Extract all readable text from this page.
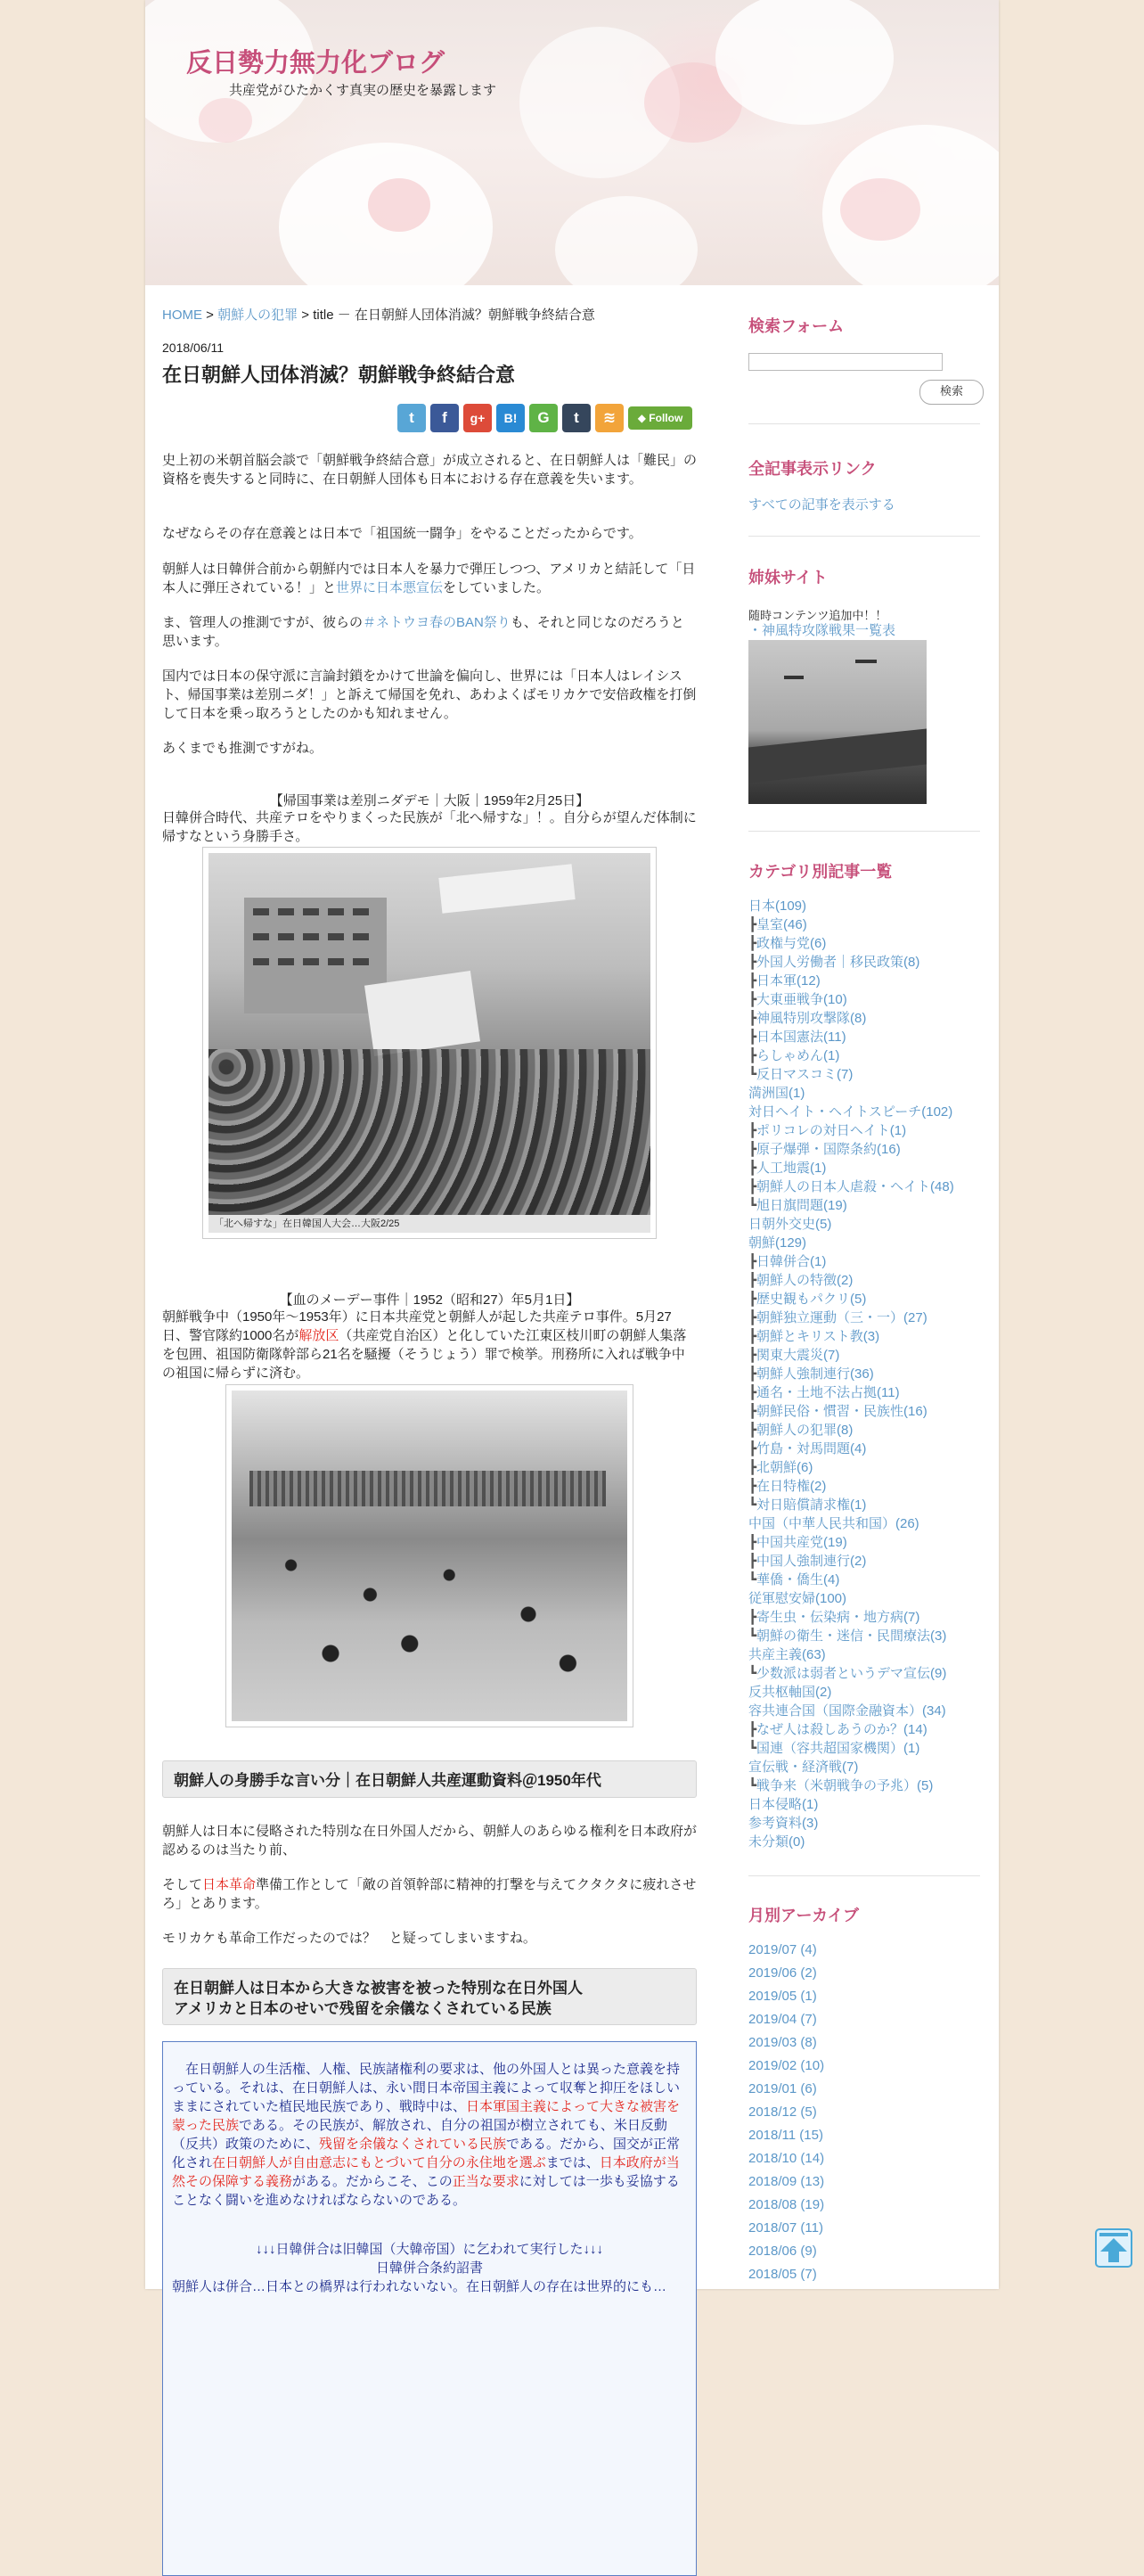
反日勢力無力化ブログ
共産党がひたかくす真実の歴史を暴露します
HOME > 朝鮮人の犯罪 > title － 在日朝鮮人団体消滅？朝鮮戦争終結合意
2018/06/11
在日朝鮮人団体消滅？朝鮮戦争終結合意
t	f	g+	B!	G	t	≋	◆ Follow

史上初の米朝首脳会談で「朝鮮戦争終結合意」が成立されると、在日朝鮮人は「難民」の資格を喪失すると同時に、在日朝鮮人団体も日本における存在意義を失います。

なぜならその存在意義とは日本で「祖国統一闘争」をやることだったからです。

朝鮮人は日韓併合前から朝鮮内では日本人を暴力で弾圧しつつ、アメリカと結託して「日本人に弾圧されている！」と世界に日本悪宣伝をしていました。

ま、管理人の推測ですが、彼らの＃ネトウヨ春のBAN祭りも、それと同じなのだろうと思います。

国内では日本の保守派に言論封鎖をかけて世論を偏向し、世界には「日本人はレイシスト、帰国事業は差別ニダ！」と訴えて帰国を免れ、あわよくばモリカケで安倍政権を打倒して日本を乗っ取ろうとしたのかも知れません。

あくまでも推測ですがね。

【帰国事業は差別ニダデモ｜大阪｜1959年2月25日】

日韓併合時代、共産テロをやりまくった民族が「北へ帰すな」！。自分らが望んだ体制に帰すなという身勝手さ。

「北へ帰すな」在日韓国人大会…大阪2/25
【血のメーデー事件｜1952（昭和27）年5月1日】

朝鮮戦争中（1950年～1953年）に日本共産党と朝鮮人が起した共産テロ事件。5月27日、警官隊約1000名が解放区（共産党自治区）と化していた江東区枝川町の朝鮮人集落を包囲、祖国防衛隊幹部ら21名を騒擾（そうじょう）罪で検挙。刑務所に入れば戦争中の祖国に帰らずに済む。

朝鮮人の身勝手な言い分｜在日朝鮮人共産運動資料＠1950年代

朝鮮人は日本に侵略された特別な在日外国人だから、朝鮮人のあらゆる権利を日本政府が認めるのは当たり前、

そして日本革命準備工作として「敵の首領幹部に精神的打撃を与えてクタクタに疲れさせろ」とあります。

モリカケも革命工作だったのでは？　と疑ってしまいますね。

在日朝鮮人は日本から大きな被害を被った特別な在日外国人
アメリカと日本のせいで残留を余儀なくされている民族
　在日朝鮮人の生活権、人権、民族諸権利の要求は、他の外国人とは異った意義を持っている。それは、在日朝鮮人は、永い間日本帝国主義によって収奪と抑圧をほしいままにされていた植民地民族であり、戦時中は、日本軍国主義によって大きな被害を蒙った民族である。その民族が、解放され、自分の祖国が樹立されても、米日反動（反共）政策のために、残留を余儀なくされている民族である。だから、国交が正常化され在日朝鮮人が自由意志にもとづいて自分の永住地を選ぶまでは、日本政府が当然その保障する義務がある。だからこそ、この正当な要求に対しては一歩も妥協することなく闘いを進めなければならないのである。
↓↓↓日韓併合は旧韓国（大韓帝国）に乞われて実行した↓↓↓
日韓併合条約詔書
朝鮮人は併合…日本との橋界は行われないない。在日朝鮮人の存在は世界的にも…
検索フォーム
検索
全記事表示リンク
すべての記事を表示する
姉妹サイト
随時コンテンツ追加中！！
・神風特攻隊戦果一覧表
カテゴリ別記事一覧
日本(109)
┣皇室(46)
┣政権与党(6)
┣外国人労働者｜移民政策(8)
┣日本軍(12)
┣大東亜戦争(10)
┣神風特別攻撃隊(8)
┣日本国憲法(11)
┣らしゃめん(1)
┗反日マスコミ(7)
満洲国(1)
対日ヘイト・ヘイトスピーチ(102)
┣ポリコレの対日ヘイト(1)
┣原子爆弾・国際条約(16)
┣人工地震(1)
┣朝鮮人の日本人虐殺・ヘイト(48)
┗旭日旗問題(19)
日朝外交史(5)
朝鮮(129)
┣日韓併合(1)
┣朝鮮人の特徴(2)
┣歴史観もパクリ(5)
┣朝鮮独立運動（三・一）(27)
┣朝鮮とキリスト教(3)
┣関東大震災(7)
┣朝鮮人強制連行(36)
┣通名・土地不法占拠(11)
┣朝鮮民俗・慣習・民族性(16)
┣朝鮮人の犯罪(8)
┣竹島・対馬問題(4)
┣北朝鮮(6)
┣在日特権(2)
┗対日賠償請求権(1)
中国（中華人民共和国）(26)
┣中国共産党(19)
┣中国人強制連行(2)
┗華僑・僑生(4)
従軍慰安婦(100)
┣寄生虫・伝染病・地方病(7)
┗朝鮮の衛生・迷信・民間療法(3)
共産主義(63)
┗少数派は弱者というデマ宣伝(9)
反共枢軸国(2)
容共連合国（国際金融資本）(34)
┣なぜ人は殺しあうのか？(14)
┗国連（容共超国家機関）(1)
宣伝戦・経済戦(7)
┗戦争来（米朝戦争の予兆）(5)
日本侵略(1)
参考資料(3)
未分類(0)
月別アーカイブ
2019/07 (4)
2019/06 (2)
2019/05 (1)
2019/04 (7)
2019/03 (8)
2019/02 (10)
2019/01 (6)
2018/12 (5)
2018/11 (15)
2018/10 (14)
2018/09 (13)
2018/08 (19)
2018/07 (11)
2018/06 (9)
2018/05 (7)
